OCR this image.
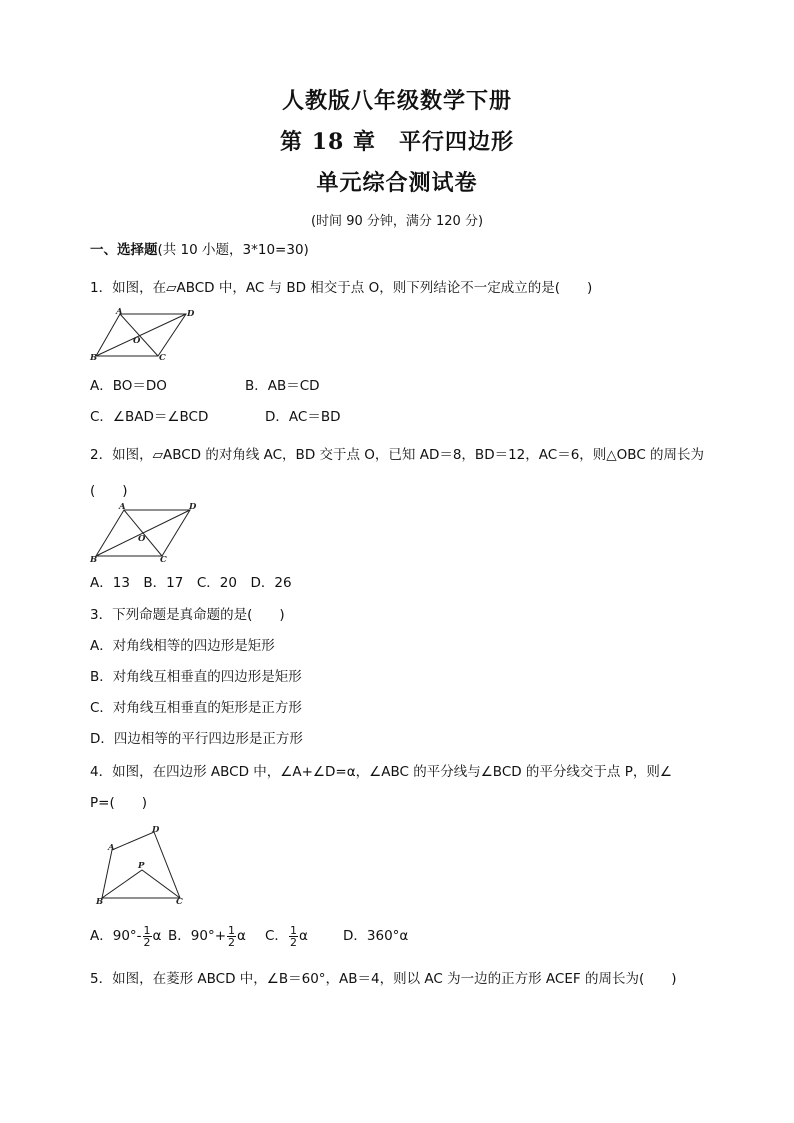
人教版八年级数学下册
第 18 章　平行四边形
单元综合测试卷
(时间 90 分钟，满分 120 分)
一、选择题(共 10 小题，3*10=30)
1．如图，在▱ABCD 中，AC 与 BD 相交于点 O，则下列结论不一定成立的是(　　)
A	D
B	C
O
A．BO＝DO	B．AB＝CD
C．∠BAD＝∠BCD	D．AC＝BD
2．如图，▱ABCD 的对角线 AC，BD 交于点 O，已知 AD＝8，BD＝12，AC＝6，则△OBC 的周长为
(　　)
A	D
B	C
O
A．13　B．17　C．20　D．26
3．下列命题是真命题的是(　　)
A．对角线相等的四边形是矩形
B．对角线互相垂直的四边形是矩形
C．对角线互相垂直的矩形是正方形
D．四边相等的平行四边形是正方形
4．如图，在四边形 ABCD 中，∠A+∠D=α，∠ABC 的平分线与∠BCD 的平分线交于点 P，则∠
P=(　　)
A
D
B	C
P
A．$90^\circ- \frac{1}{2}$ α B．$90^\circ+ \frac{1}{2}$ α C． $\frac{1}{2}$ α	D．360°α
5．如图，在菱形 ABCD 中，∠B＝60°，AB＝4，则以 AC 为一边的正方形 ACEF 的周长为(　　)
